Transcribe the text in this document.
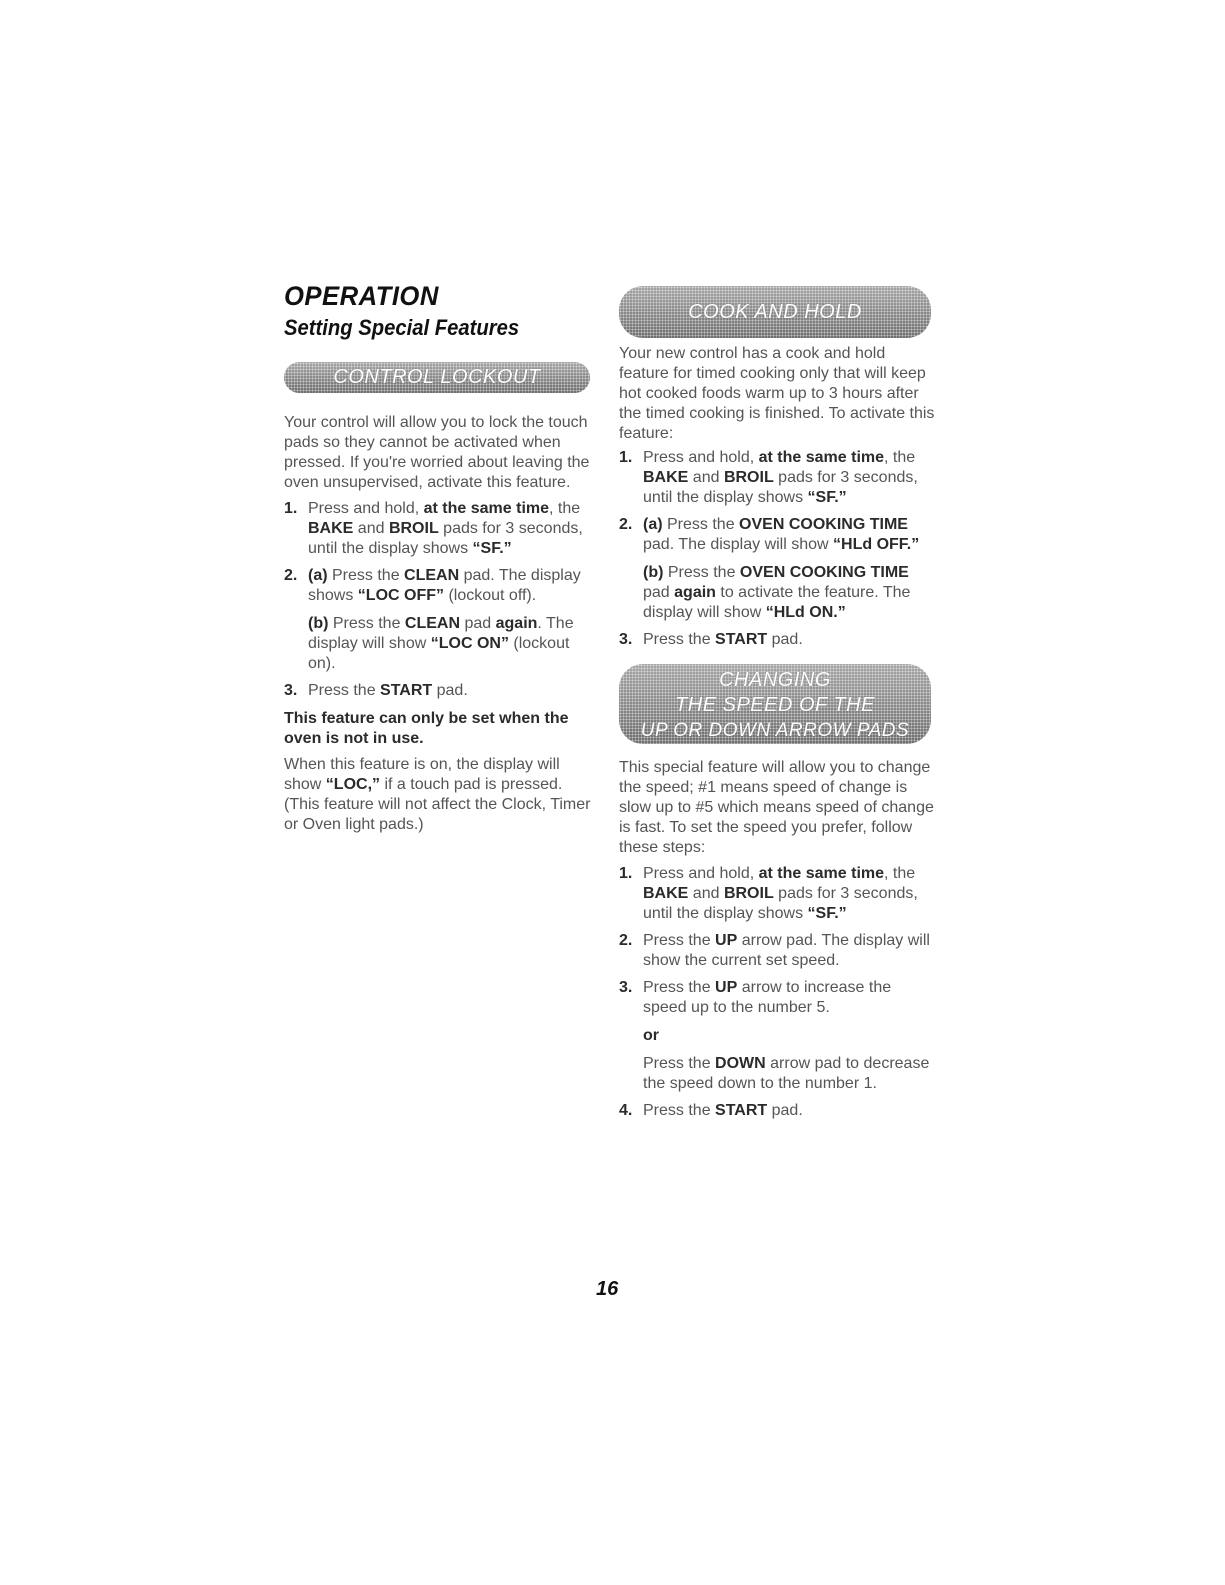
OPERATION
Setting Special Features
CONTROL LOCKOUT

Your control will allow you to lock the touch pads so they cannot be activated when pressed. If you're worried about leaving the oven unsupervised, activate this feature.

1. Press and hold, at the same time, the BAKE and BROIL pads for 3 seconds, until the display shows “SF.”
2. (a) Press the CLEAN pad. The display shows “LOC OFF” (lockout off).
(b) Press the CLEAN pad again. The display will show “LOC ON” (lockout on).
3. Press the START pad.
This feature can only be set when the oven is not in use.

When this feature is on, the display will show “LOC,” if a touch pad is pressed. (This feature will not affect the Clock, Timer or Oven light pads.)

COOK AND HOLD

Your new control has a cook and hold feature for timed cooking only that will keep hot cooked foods warm up to 3 hours after the timed cooking is finished. To activate this feature:

1. Press and hold, at the same time, the BAKE and BROIL pads for 3 seconds, until the display shows “SF.”
2. (a) Press the OVEN COOKING TIME pad. The display will show “HLd OFF.”
(b) Press the OVEN COOKING TIME pad again to activate the feature. The display will show “HLd ON.”
3. Press the START pad.
CHANGING
THE SPEED OF THE
UP OR DOWN ARROW PADS

This special feature will allow you to change the speed; #1 means speed of change is slow up to #5 which means speed of change is fast. To set the speed you prefer, follow these steps:

1. Press and hold, at the same time, the BAKE and BROIL pads for 3 seconds, until the display shows “SF.”
2. Press the UP arrow pad. The display will show the current set speed.
3. Press the UP arrow to increase the speed up to the number 5.
or
Press the DOWN arrow pad to decrease the speed down to the number 1.
4. Press the START pad.
16
